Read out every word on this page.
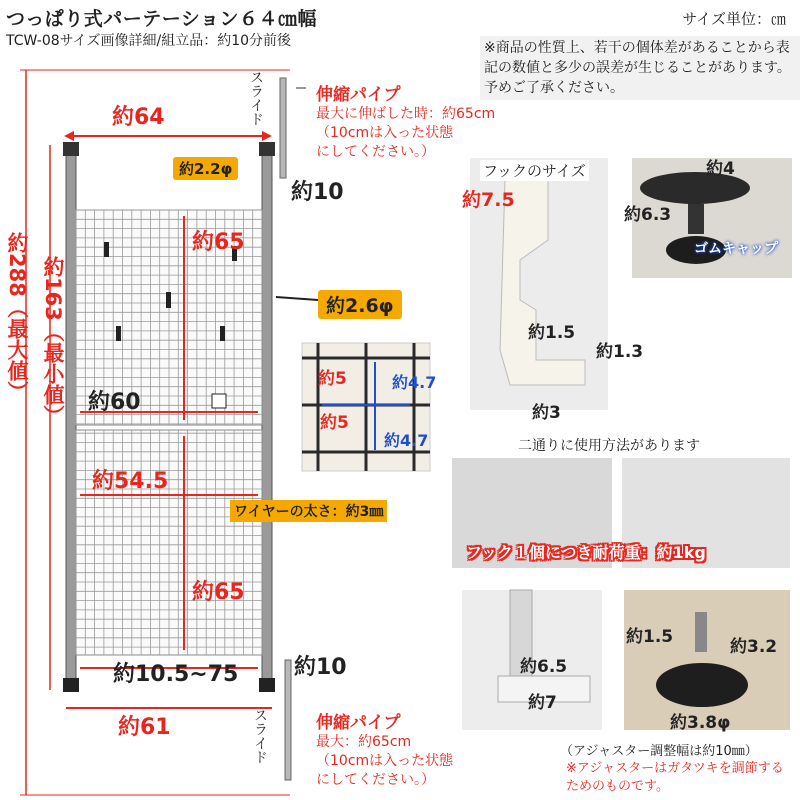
つっぱり式パーテーション６４㎝幅
TCW-08サイズ画像詳細/組立品：約10分前後
サイズ単位：㎝
※商品の性質上、若干の個体差があることから表記の数値と多少の誤差が生じることがあります。予めご了承ください。
約288（最大値） 約163（最小値）
約64
約65
約65
約60
約54.5
約10.5~75
約61
約2.2φ
約10
約2.6φ
約10
スライド
スライド
伸縮パイプ
最大に伸ばした時：約65cm
（10cmは入った状態
にしてください。）
伸縮パイプ
最大：約65cm
（10cmは入った状態
にしてください。）
約5	約4.7
約5
約4.7
ワイヤーの太さ：約3㎜
フックのサイズ
約7.5
約1.5
約1.3
約3
約4
約6.3
ゴムキャップ
二通りに使用方法があります
フック１個につき耐荷重：約1kg
約6.5
約7
約1.5	約3.2
約3.8φ
（アジャスター調整幅は約10㎜）
※アジャスターはガタツキを調節するためのものです。
